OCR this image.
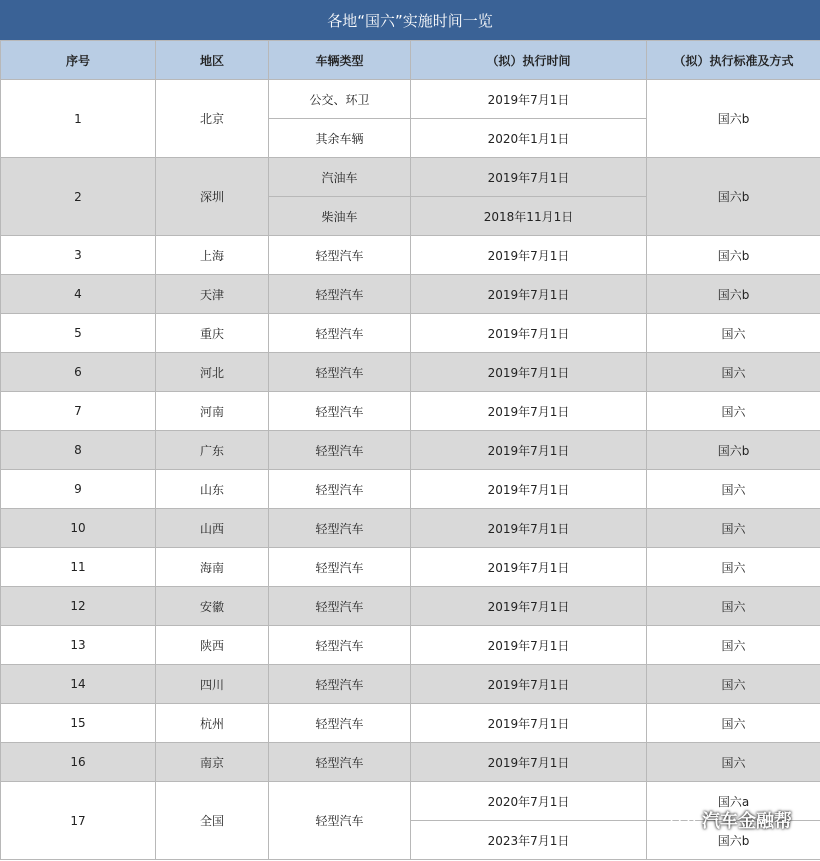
各地“国六”实施时间一览
序号	地区	车辆类型	（拟）执行时间	（拟）执行标准及方式
1	北京	公交、环卫	2019年7月1日	国六b
		其余车辆	2020年1月1日	
2	深圳	汽油车	2019年7月1日	国六b
		柴油车	2018年11月1日	
3	上海	轻型汽车	2019年7月1日	国六b
4	天津	轻型汽车	2019年7月1日	国六b
5	重庆	轻型汽车	2019年7月1日	国六
6	河北	轻型汽车	2019年7月1日	国六
7	河南	轻型汽车	2019年7月1日	国六
8	广东	轻型汽车	2019年7月1日	国六b
9	山东	轻型汽车	2019年7月1日	国六
10	山西	轻型汽车	2019年7月1日	国六
11	海南	轻型汽车	2019年7月1日	国六
12	安徽	轻型汽车	2019年7月1日	国六
13	陕西	轻型汽车	2019年7月1日	国六
14	四川	轻型汽车	2019年7月1日	国六
15	杭州	轻型汽车	2019年7月1日	国六
16	南京	轻型汽车	2019年7月1日	国六
17	全国	轻型汽车	2020年7月1日	国六a
			2023年7月1日	国六b
汽车金融帮
